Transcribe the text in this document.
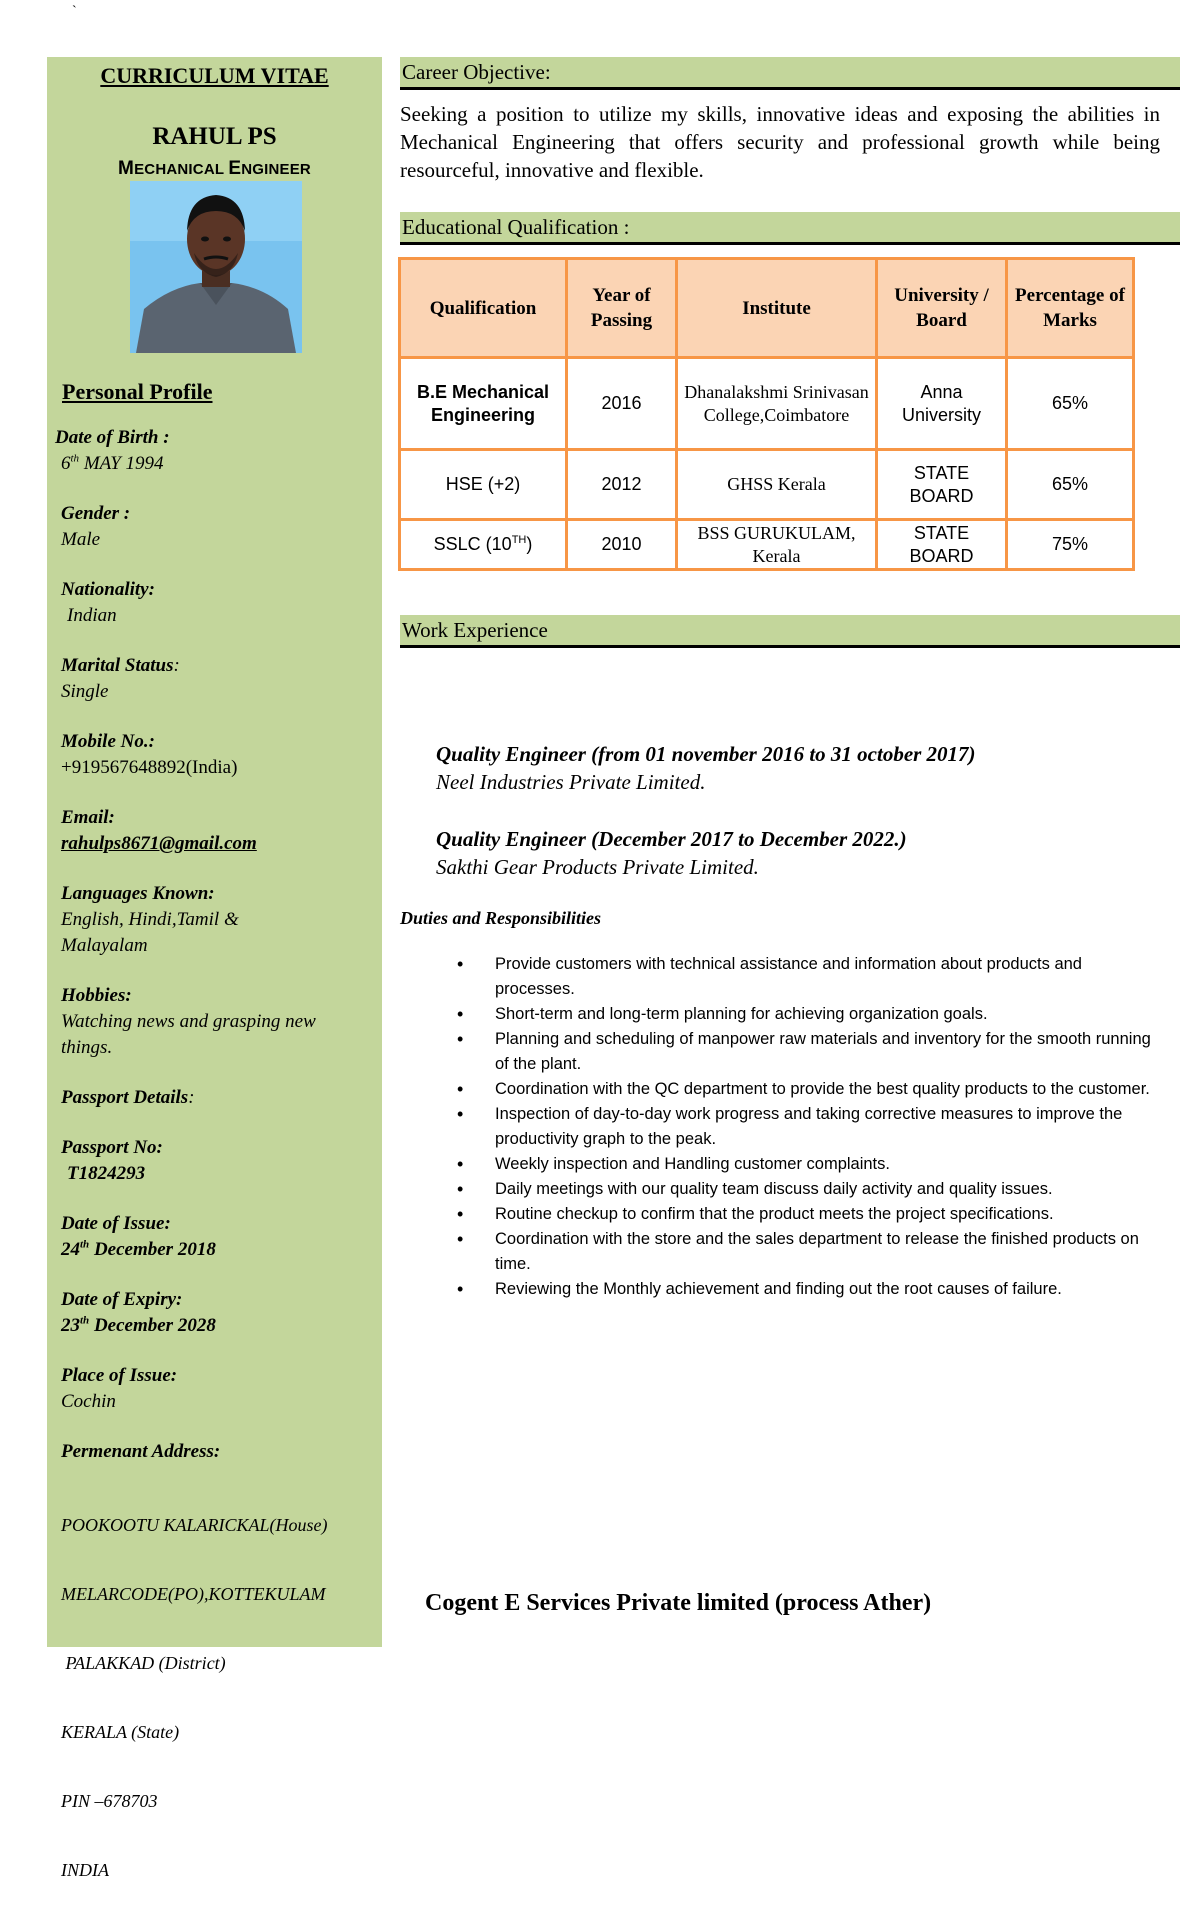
`
CURRICULUM VITAE
RAHUL PS
MECHANICAL ENGINEER
Personal Profile
Date of Birth :
6th MAY 1994
Gender :
Male
Nationality:
Indian
Marital Status:
Single
Mobile No.:
+919567648892(India)
Email:
rahulps8671@gmail.com
Languages Known:
English, Hindi,Tamil &
Malayalam
Hobbies:
Watching news and grasping new
things.
Passport Details:
Passport No:
T1824293
Date of Issue:
24th December 2018
Date of Expiry:
23th December 2028
Place of Issue:
Cochin
Permenant Address:

POOKOOTU KALARICKAL(House)

MELARCODE(PO),KOTTEKULAM

PALAKKAD (District)

KERALA (State)

PIN –678703

INDIA

Career Objective:
Seeking a position to utilize my skills, innovative ideas and exposing the abilities in Mechanical Engineering that offers security and professional growth while being resourceful, innovative and flexible.
Educational Qualification :
Qualification	Year of Passing	Institute	University / Board	Percentage of Marks
B.E Mechanical Engineering	2016	Dhanalakshmi Srinivasan College,Coimbatore	Anna University	65%
HSE (+2)	2012	GHSS Kerala	STATE BOARD	65%
SSLC (10TH)	2010	BSS GURUKULAM, Kerala	STATE BOARD	75%
Work Experience
Quality Engineer (from 01 november 2016 to 31 october 2017)
Neel Industries Private Limited.
Quality Engineer (December 2017 to December 2022.)
Sakthi Gear Products Private Limited.
Duties and Responsibilities
• Provide customers with technical assistance and information about products and processes.
• Short-term and long-term planning for achieving organization goals.
• Planning and scheduling of manpower raw materials and inventory for the smooth running of the plant.
• Coordination with the QC department to provide the best quality products to the customer.
• Inspection of day-to-day work progress and taking corrective measures to improve the productivity graph to the peak.
• Weekly inspection and Handling customer complaints.
• Daily meetings with our quality team discuss daily activity and quality issues.
• Routine checkup to confirm that the product meets the project specifications.
• Coordination with the store and the sales department to release the finished products on time.
• Reviewing the Monthly achievement and finding out the root causes of failure.
Cogent E Services Private limited (process Ather)
